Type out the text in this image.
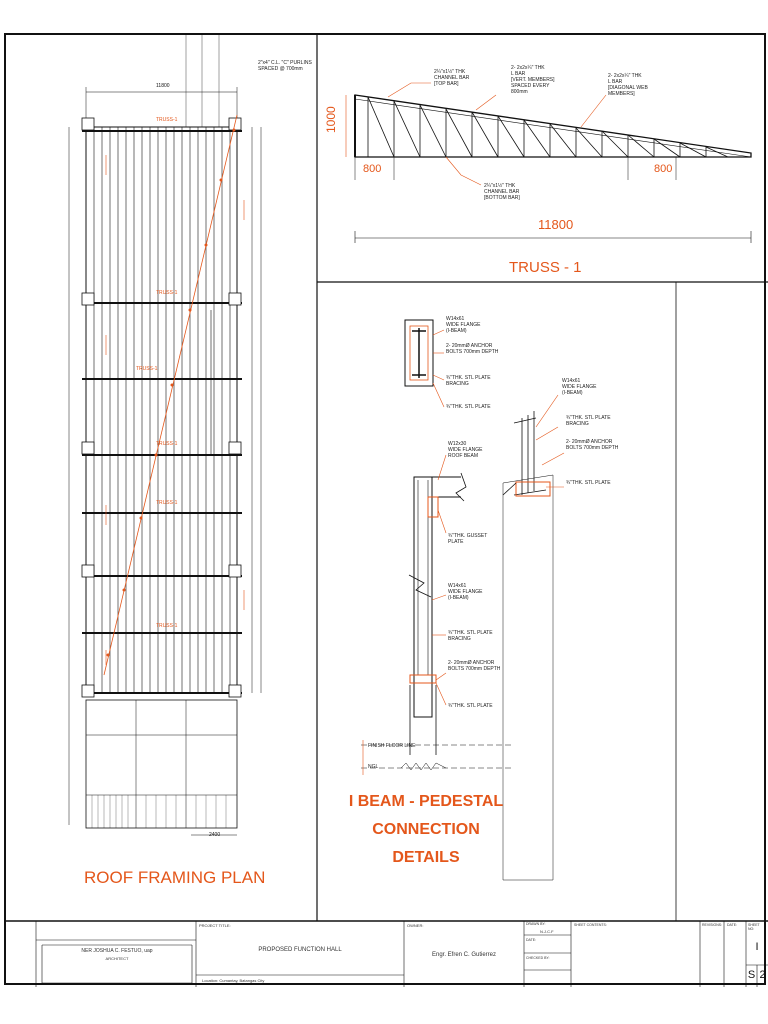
11800
2"x4" C.L. "C" PURLINS
SPACED @ 700mm
TRUSS-1
TRUSS-1
TRUSS-1
TRUSS-1
TRUSS-1
TRUSS-1
2400
ROOF FRAMING PLAN
1000
800	800
11800
TRUSS - 1
2¼"x1½" THK
CHANNEL BAR
[TOP BAR]
2- 2x2x¼" THK
L BAR
[VERT. MEMBERS]
SPACED EVERY
800mm
2- 2x2x¼" THK
L BAR
[DIAGONAL WEB
MEMBERS]
2¼"x1½" THK
CHANNEL BAR
[BOTTOM BAR]
W14x61
WIDE FLANGE
(I-BEAM)
2- 20mmØ ANCHOR
BOLTS 700mm DEPTH
¾"THK. STL PLATE
BRACING
¾"THK. STL PLATE
W14x61
WIDE FLANGE
(I-BEAM)
¾"THK. STL PLATE
BRACING
2- 20mmØ ANCHOR
BOLTS 700mm DEPTH
¾"THK. STL PLATE
W12x30
WIDE FLANGE
ROOF BEAM
¾"THK. GUSSET
PLATE
W14x61
WIDE FLANGE
(I-BEAM)
¾"THK. STL PLATE
BRACING
2- 20mmØ ANCHOR
BOLTS 700mm DEPTH
¾"THK. STL PLATE
FINISH FLOOR LINE
NGL
I BEAM - PEDESTAL
CONNECTION
DETAILS
NER JOSHUA C. FESTUO, uap
ARCHITECT
PROJECT TITLE:
PROPOSED FUNCTION HALL
Location: Cumantay, Batangas City
OWNER:
Engr. Efren C. Gutierrez
DRAWN BY:
N.J.C.F
DATE:
CHECKED BY:
SHEET CONTENTS:	REVISIONS: DATE:	SHEET NO:
I
S 2
